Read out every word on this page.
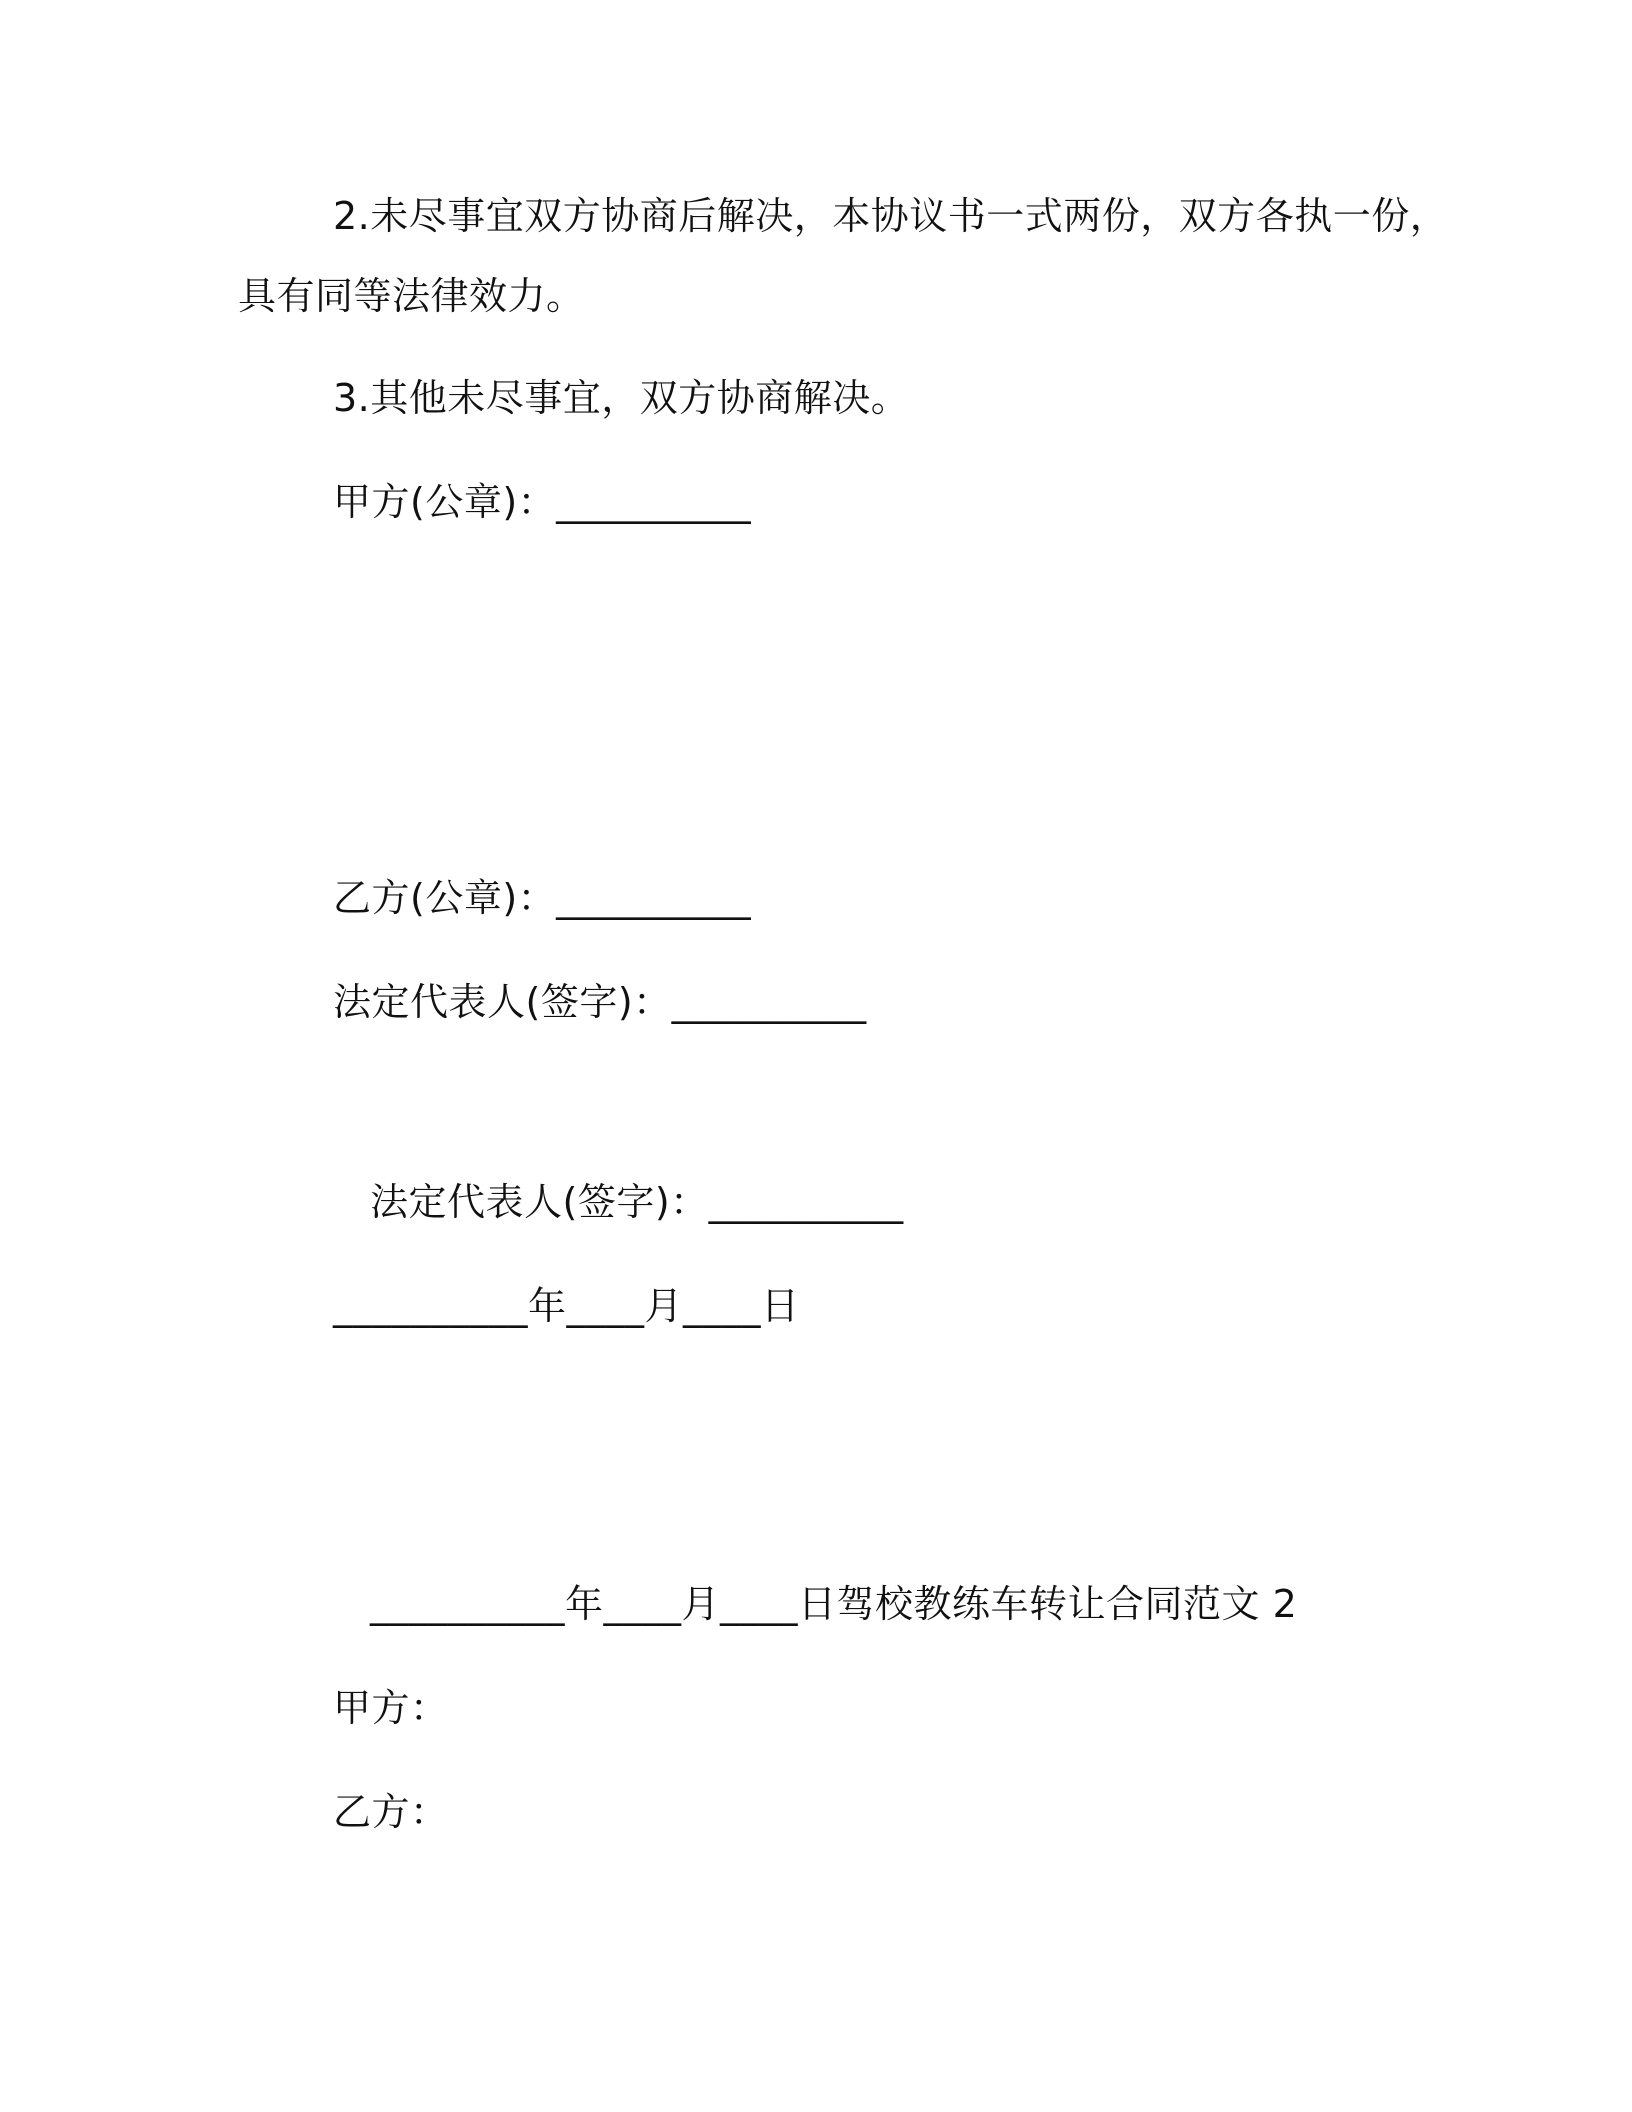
2.未尽事宜双方协商后解决，本协议书一式两份，双方各执一份，
具有同等法律效力。
3.其他未尽事宜，双方协商解决。
甲方(公章)：__________
乙方(公章)：__________
法定代表人(签字)：__________
法定代表人(签字)：__________
__________年____月____日
__________年____月____日驾校教练车转让合同范文 2
甲方：
乙方：
